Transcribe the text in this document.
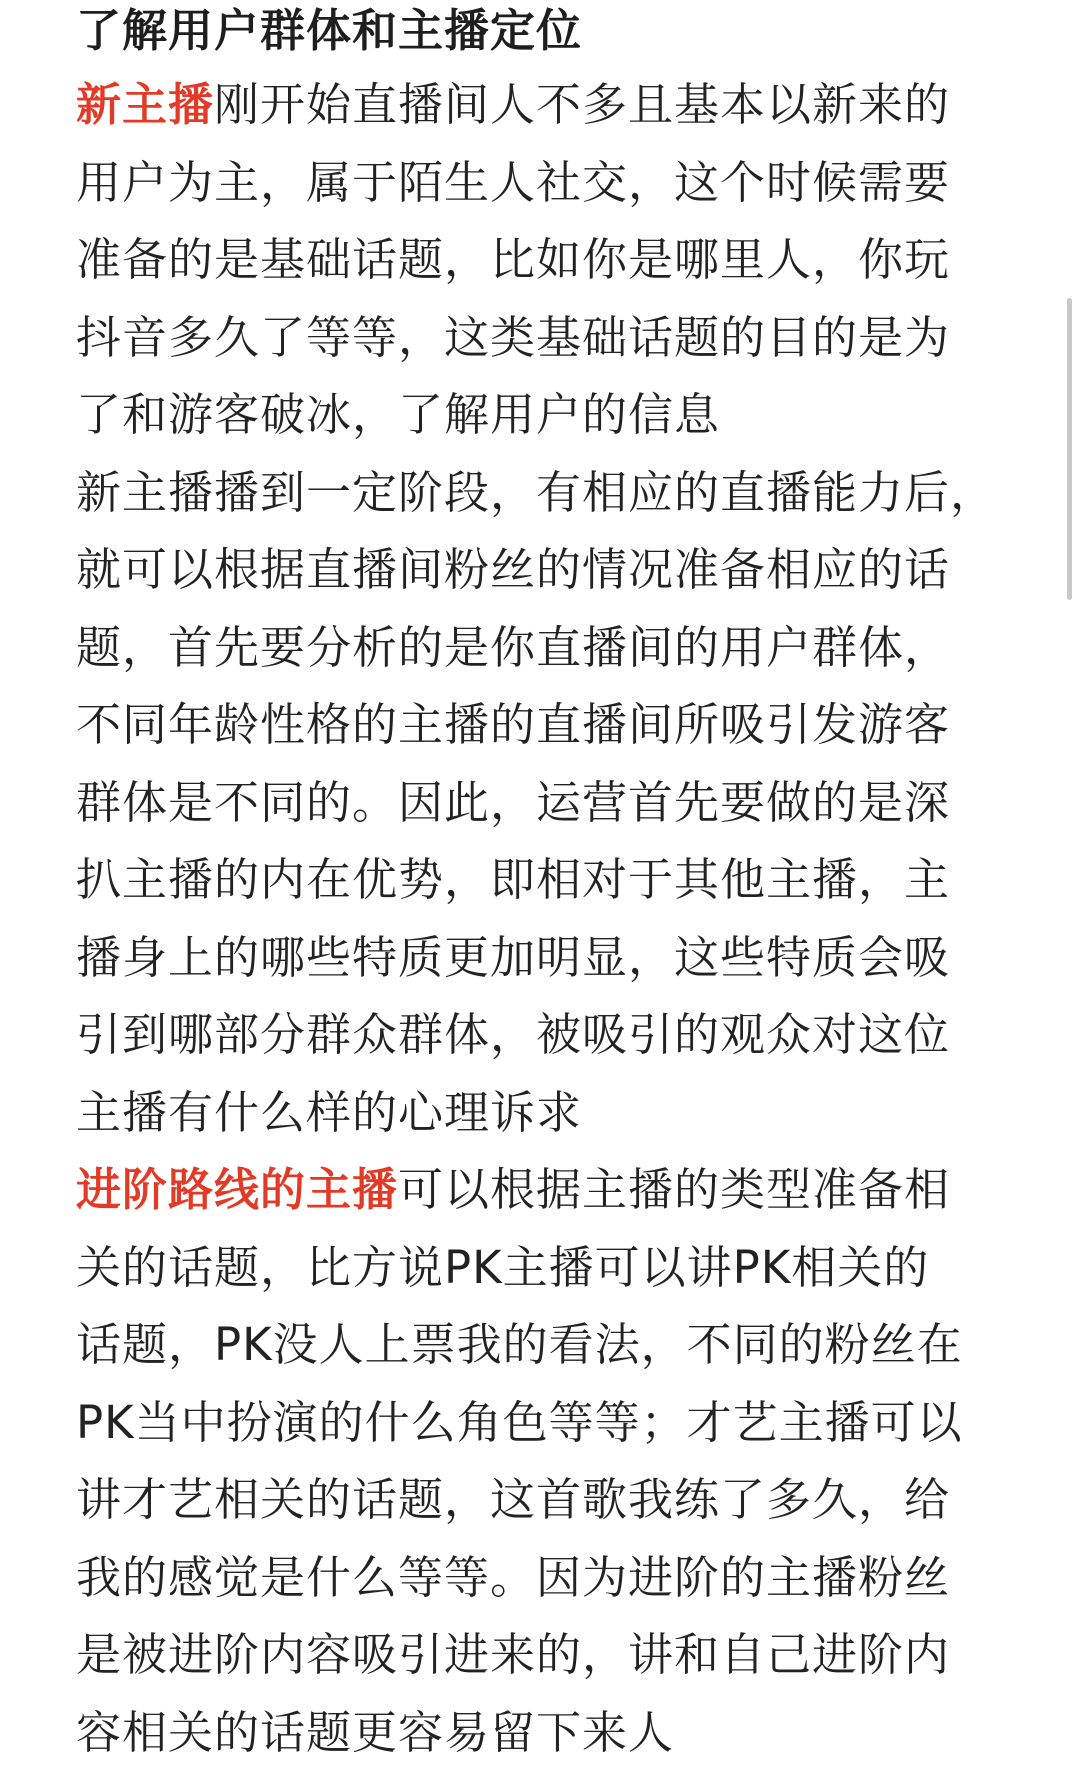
了解用户群体和主播定位
新主播刚开始直播间人不多且基本以新来的
用户为主，属于陌生人社交，这个时候需要
准备的是基础话题，比如你是哪里人，你玩
抖音多久了等等，这类基础话题的目的是为
了和游客破冰，了解用户的信息
新主播播到一定阶段，有相应的直播能力后，
就可以根据直播间粉丝的情况准备相应的话
题，首先要分析的是你直播间的用户群体，
不同年龄性格的主播的直播间所吸引发游客
群体是不同的。因此，运营首先要做的是深
扒主播的内在优势，即相对于其他主播，主
播身上的哪些特质更加明显，这些特质会吸
引到哪部分群众群体，被吸引的观众对这位
主播有什么样的心理诉求
进阶路线的主播可以根据主播的类型准备相
关的话题，比方说PK主播可以讲PK相关的
话题，PK没人上票我的看法，不同的粉丝在
PK当中扮演的什么角色等等；才艺主播可以
讲才艺相关的话题，这首歌我练了多久，给
我的感觉是什么等等。因为进阶的主播粉丝
是被进阶内容吸引进来的，讲和自己进阶内
容相关的话题更容易留下来人
